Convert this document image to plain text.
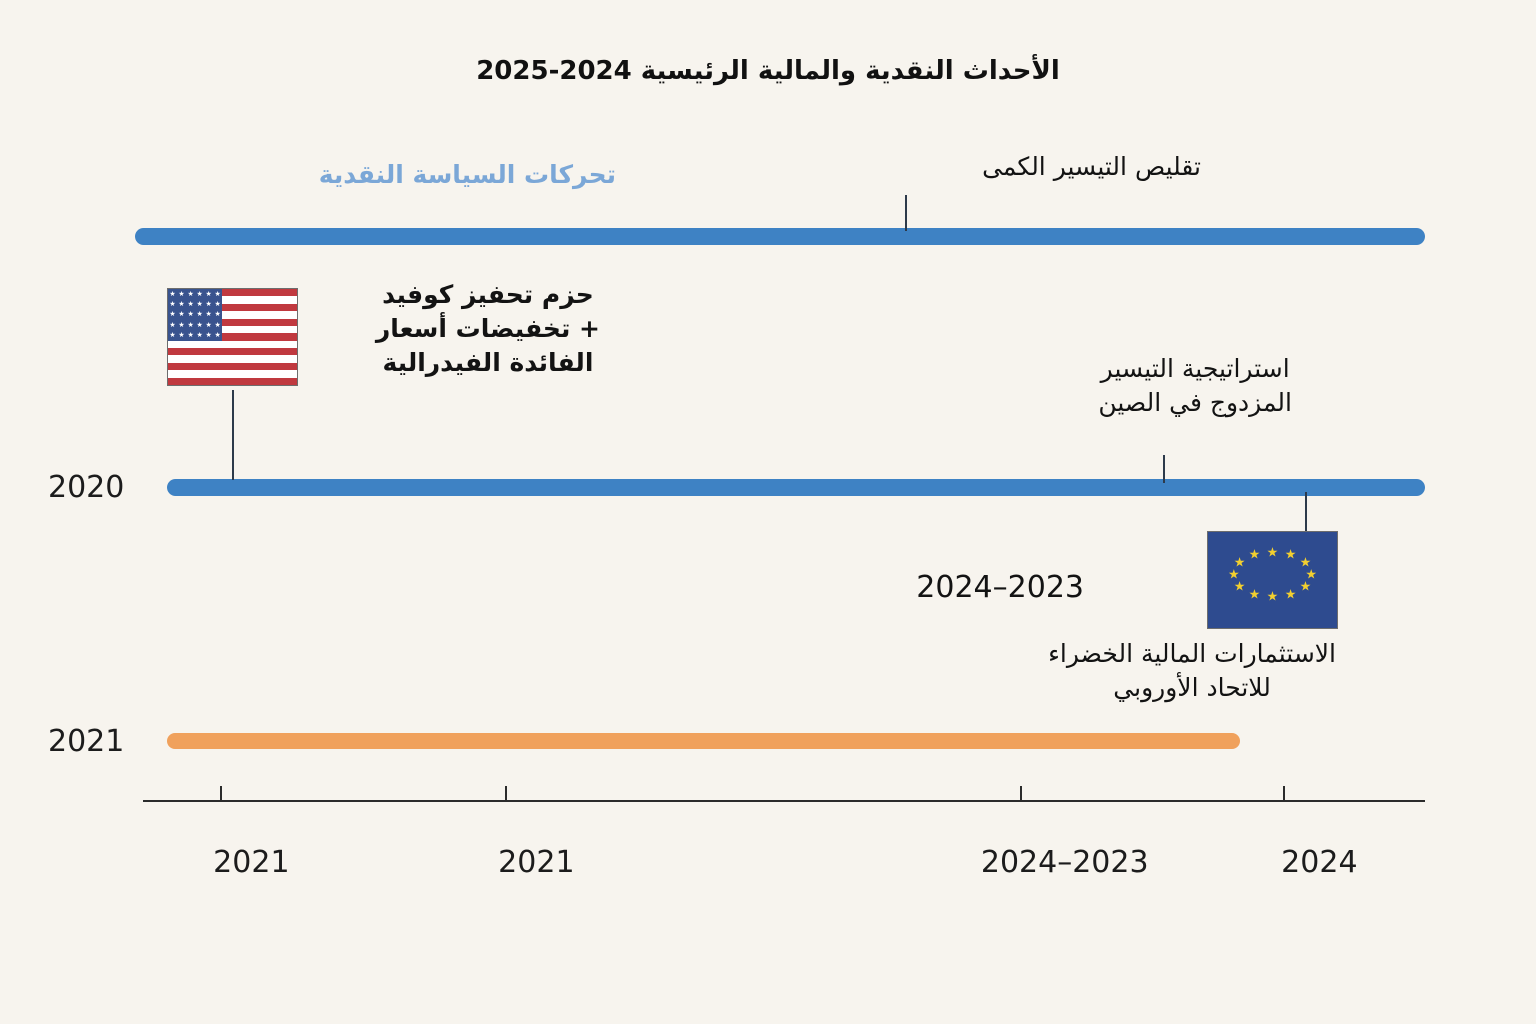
الأحداث النقدية والمالية الرئيسية 2024-2025
تحركات السياسة النقدية
2020
2021
2021	2021	2023–2024	2024
تقليص التيسير الكمى
حزم تحفيز كوفيد
+ تخفيضات أسعار
الفائدة الفيدرالية	استراتيجية التيسير
المزدوج في الصين
الاستثمارات المالية الخضراء
للاتحاد الأوروبي
2023–2024
★
★
★
★
★
★
★
★
★
★
★
★
★
★
★
★
★
★
★
★
★
★
★
★
★
★
★
★
★
★
★ ★
★
★
★
★
★
★
★
★
★
★
